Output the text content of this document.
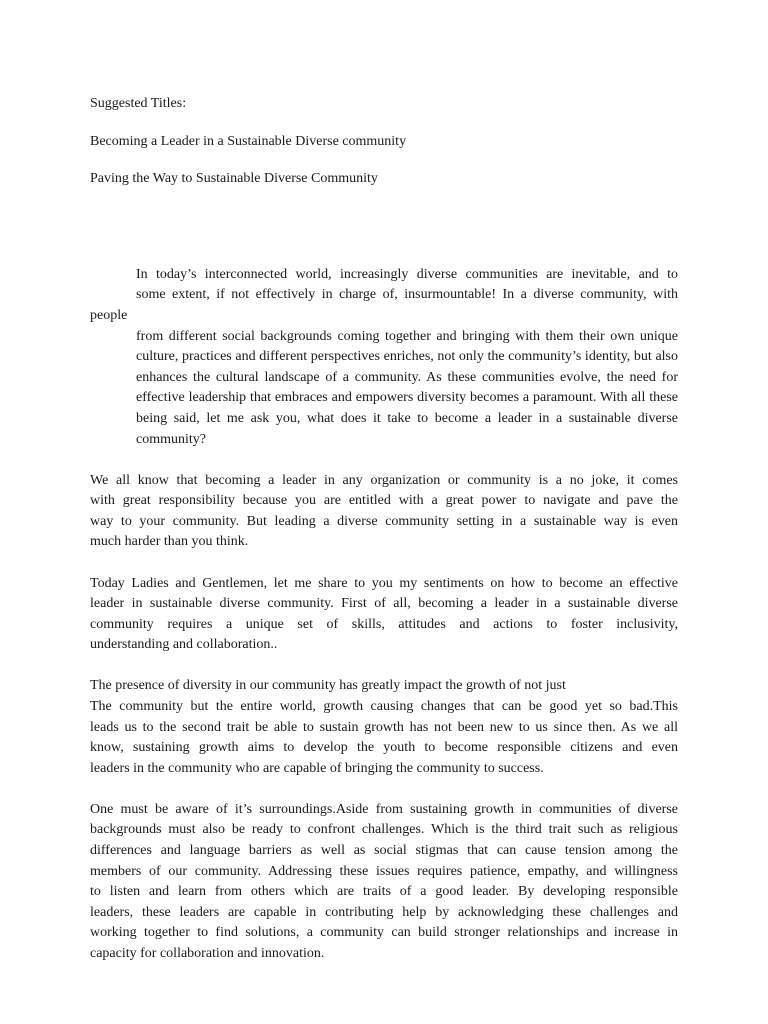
Suggested Titles:

Becoming a Leader in a Sustainable Diverse community

Paving the Way to Sustainable Diverse Community

In today’s interconnected world, increasingly diverse communities are inevitable, and to
some extent, if not effectively in charge of, insurmountable! In a diverse community, with people
from different social backgrounds coming together and bringing with them their own unique
culture, practices and different perspectives enriches, not only the community’s identity, but also
enhances the cultural landscape of a community. As these communities evolve, the need for
effective leadership that embraces and empowers diversity becomes a paramount. With all these
being said, let me ask you, what does it take to become a leader in a sustainable diverse
community?
We all know that becoming a leader in any organization or community is a no joke, it comes
with great responsibility because you are entitled with a great power to navigate and pave the
way to your community. But leading a diverse community setting in a sustainable way is even
much harder than you think.
Today Ladies and Gentlemen, let me share to you my sentiments on how to become an effective
leader in sustainable diverse community. First of all, becoming a leader in a sustainable diverse
community requires a unique set of skills, attitudes and actions to foster inclusivity,
understanding and collaboration..
The presence of diversity in our community has greatly impact the growth of not just
The community but the entire world, growth causing changes that can be good yet so bad.This
leads us to the second trait be able to sustain growth has not been new to us since then. As we all
know, sustaining growth aims to develop the youth to become responsible citizens and even
leaders in the community who are capable of bringing the community to success.
One must be aware of it’s surroundings.Aside from sustaining growth in communities of diverse
backgrounds must also be ready to confront challenges. Which is the third trait such as religious
differences and language barriers as well as social stigmas that can cause tension among the
members of our community. Addressing these issues requires patience, empathy, and willingness
to listen and learn from others which are traits of a good leader. By developing responsible
leaders, these leaders are capable in contributing help by acknowledging these challenges and
working together to find solutions, a community can build stronger relationships and increase in
capacity for collaboration and innovation.
